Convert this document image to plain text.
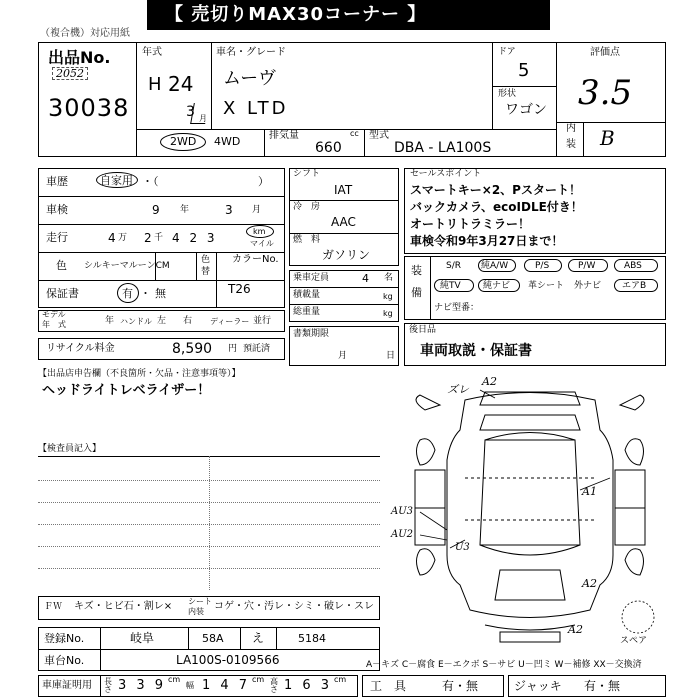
【 売切りMAX30コーナー 】
（複合機）対応用紙
出品No.
2052
30038
年式
H 24
3 月
車名・グレード
ムーヴ
X LTD
ドア
5
形状
ワゴン
評価点
3.5
内
装 B
2WD 4WD	排気量	cc
660
型式
DBA - LA100S
車歴	自家用 ・（	）
車検	9 年	3 月
走行	4 万 2 千 4 2 3	km
マイル
色 シルキーマルーンCM
色
替
カラーNo.
T26
保証書	有 ・ 無
モデル
年　式	年 ハンドル 左 右 ディーラー 並行
リサイクル料金	8,590 円 預託済
シフト
IAT
冷　房
AAC
燃　料
ガソリン
乗車定員	4 名
積載量	kg
総重量	kg
書類期限
月	日
セールスポイント
スマートキー×2、Pスタート！
バックカメラ、ecoIDLE付き！
オートリトラミラー！
車検令和9年3月27日まで！
装
備
S/R 純A/W	P/S	P/W	ABS
純TV 純ナビ 革シート 外ナビ エアB
ナビ型番：
後日品
車両取説・保証書
【出品店申告欄（不良箇所・欠品・注意事項等）】
ヘッドライトレベライザー！
【検査員記入】
ズレ
A2
A1
AU3
AU2
U3
A2
A2
スペア
ＦＷ キズ・ヒビ石・割レ× シート
内装 コゲ・穴・汚レ・シミ・破レ・スレ
登録No.	岐阜	58A え	5184
車台No.	LA100S-0109566	A－キズ C－腐食 E－エクボ S－サビ U－凹ミ W－補修 XX－交換済
車庫証明用 長さ 3 3 9 cm
幅 1 4 7 cm 高さ 1 6 3 cm 工　具	有・無	ジャッキ 有・無
